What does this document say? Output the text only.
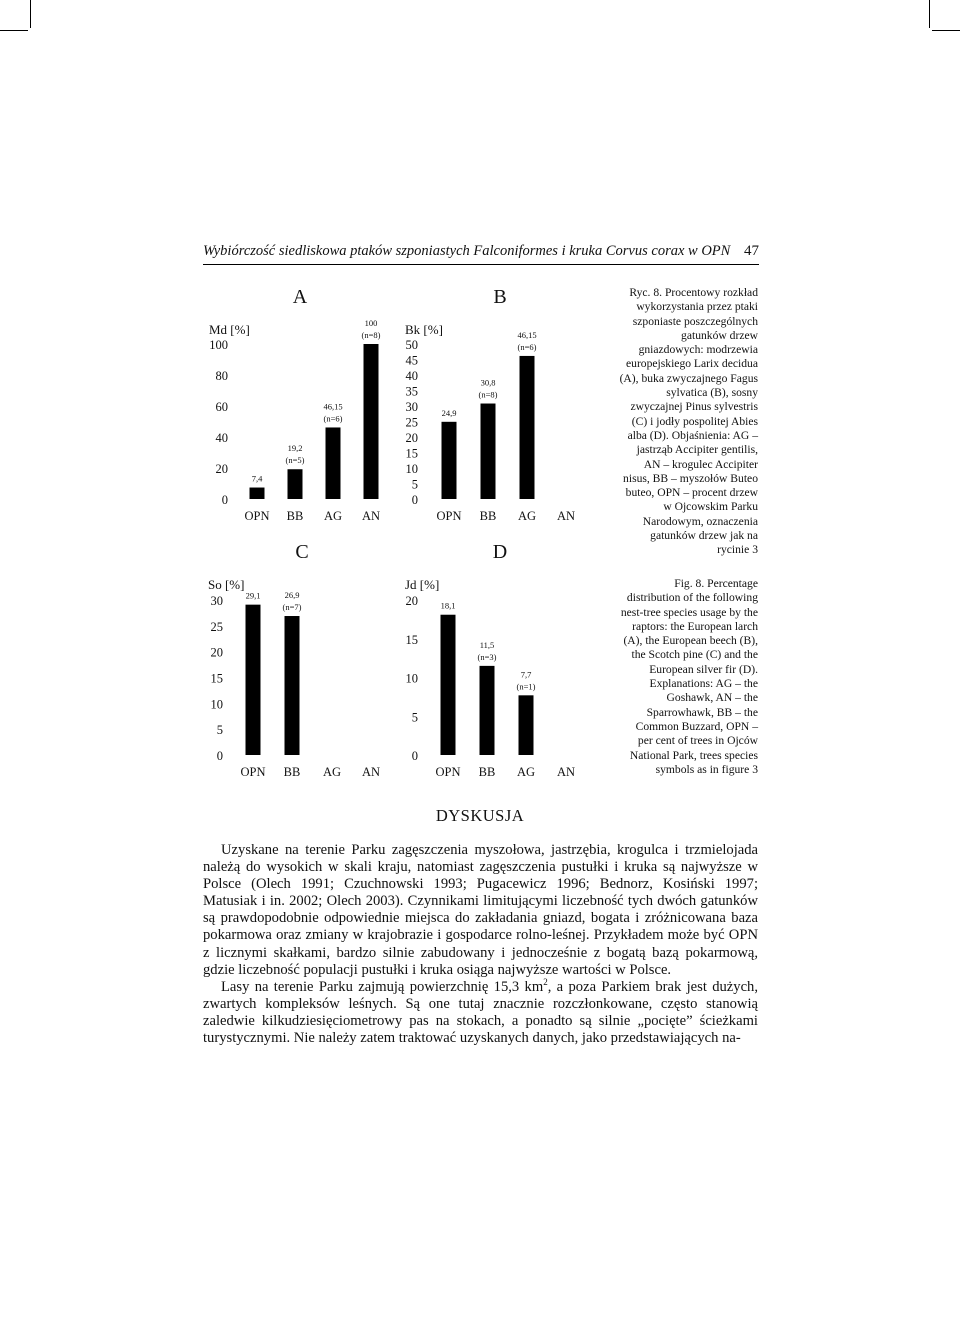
Wybiórczość siedliskowa ptaków szponiastych Falconiformes i kruka Corvus corax w OPN 47
A
Md [%]
0
20
40
60
80
100
OPN
7,4
BB
19,2
(n=5)
AG
46,15
(n=6)
AN
100
(n=8)
B
Bk [%]
0
5
10
15
20
25
30
35
40
45
50
OPN
24,9
BB
30,8
(n=8)
AG
46,15
(n=6)
AN
C
So [%]
0
5
10
15
20
25
30
OPN
29,1
BB
26,9
(n=7)
AG AN
D
Jd [%]
0
5
10
15
20
OPN
18,1
BB
11,5
(n=3)
AG
7,7
(n=1)
AN
Ryc. 8. Procentowy rozkład wykorzystania przez ptaki szponiaste poszczególnych gatunków drzew gniazdowych: modrzewia europejskiego Larix decidua (A), buka zwyczajnego Fagus sylvatica (B), sosny zwyczajnej Pinus sylvestris (C) i jodły pospolitej Abies alba (D). Objaśnienia: AG – jastrząb Accipiter gentilis, AN – krogulec Accipiter nisus, BB – myszołów Buteo buteo, OPN – procent drzew w Ojcowskim Parku Narodowym, oznaczenia gatunków drzew jak na rycinie 3
Fig. 8. Percentage distribution of the following nest-tree species usage by the raptors: the European larch (A), the European beech (B), the Scotch pine (C) and the European silver fir (D). Explanations: AG – the Goshawk, AN – the Sparrowhawk, BB – the Common Buzzard, OPN – per cent of trees in Ojców National Park, trees species symbols as in figure 3
DYSKUSJA

Uzyskane na terenie Parku zagęszczenia myszołowa, jastrzębia, krogulca i trzmielojada należą do wysokich w skali kraju, natomiast zagęszczenia pustułki i kruka są najwyższe w Polsce (Olech 1991; Czuchnowski 1993; Pugacewicz 1996; Bednorz, Kosiński 1997; Matusiak i in. 2002; Olech 2003). Czynnikami limitującymi liczebność tych dwóch gatunków są prawdopodobnie odpowiednie miejsca do zakładania gniazd, bogata i zróżnicowana baza pokarmowa oraz zmiany w krajobrazie i gospodarce rolno-leśnej. Przykładem może być OPN z licznymi skałkami, bardzo silnie zabudowany i jednocześnie z bogatą bazą pokarmową, gdzie liczebność populacji pustułki i kruka osiąga najwyższe wartości w Polsce.

Lasy na terenie Parku zajmują powierzchnię 15,3 $km^2$, a poza Parkiem brak jest dużych, zwartych kompleksów leśnych. Są one tutaj znacznie rozczłonkowane, często stanowią zaledwie kilkudziesięciometrowy pas na stokach, a ponadto są silnie „pocięte” ścieżkami turystycznymi. Nie należy zatem traktować uzyskanych danych, jako przedstawiających na-
